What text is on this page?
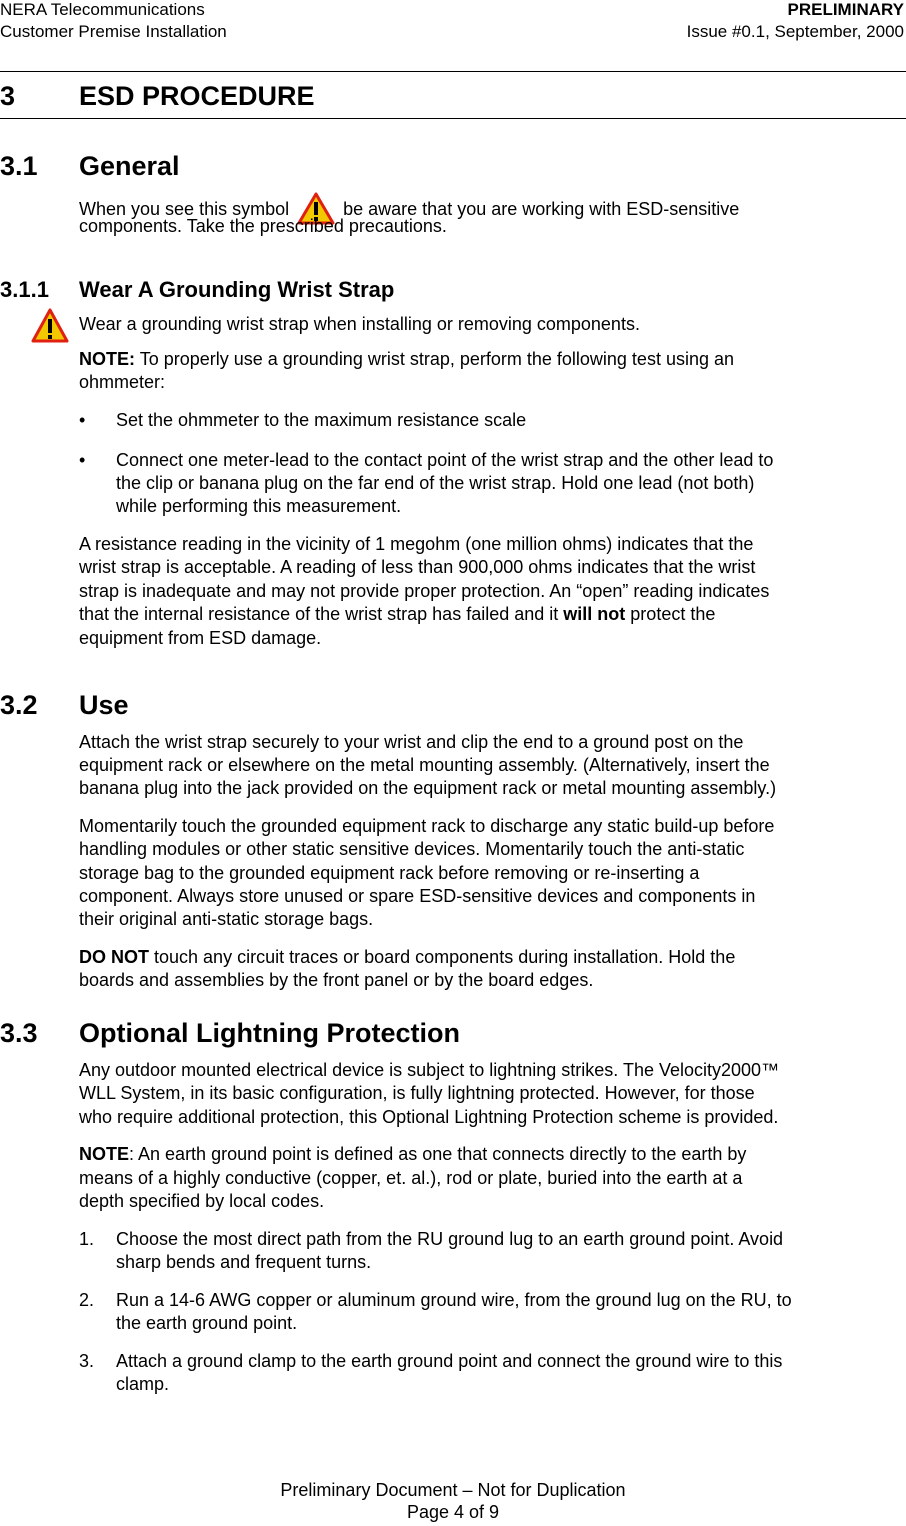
NERA Telecommunications
Customer Premise Installation
PRELIMINARY
Issue #0.1, September, 2000
3 ESD PROCEDURE
3.1 General
When you see this symbol	be aware that you are working with ESD-sensitive
components. Take the prescribed precautions.
3.1.1 Wear A Grounding Wrist Strap
Wear a grounding wrist strap when installing or removing components.
NOTE: To properly use a grounding wrist strap, perform the following test using an
ohmmeter:
• Set the ohmmeter to the maximum resistance scale
• Connect one meter-lead to the contact point of the wrist strap and the other lead to
the clip or banana plug on the far end of the wrist strap. Hold one lead (not both)
while performing this measurement.
A resistance reading in the vicinity of 1 megohm (one million ohms) indicates that the
wrist strap is acceptable. A reading of less than 900,000 ohms indicates that the wrist
strap is inadequate and may not provide proper protection. An “open” reading indicates
that the internal resistance of the wrist strap has failed and it will not protect the
equipment from ESD damage.
3.2 Use
Attach the wrist strap securely to your wrist and clip the end to a ground post on the
equipment rack or elsewhere on the metal mounting assembly. (Alternatively, insert the
banana plug into the jack provided on the equipment rack or metal mounting assembly.)
Momentarily touch the grounded equipment rack to discharge any static build-up before
handling modules or other static sensitive devices. Momentarily touch the anti-static
storage bag to the grounded equipment rack before removing or re-inserting a
component. Always store unused or spare ESD-sensitive devices and components in
their original anti-static storage bags.
DO NOT touch any circuit traces or board components during installation. Hold the
boards and assemblies by the front panel or by the board edges.
3.3 Optional Lightning Protection
Any outdoor mounted electrical device is subject to lightning strikes. The Velocity2000™
WLL System, in its basic configuration, is fully lightning protected. However, for those
who require additional protection, this Optional Lightning Protection scheme is provided.
NOTE: An earth ground point is defined as one that connects directly to the earth by
means of a highly conductive (copper, et. al.), rod or plate, buried into the earth at a
depth specified by local codes.
1. Choose the most direct path from the RU ground lug to an earth ground point. Avoid
sharp bends and frequent turns.
2. Run a 14-6 AWG copper or aluminum ground wire, from the ground lug on the RU, to
the earth ground point.
3. Attach a ground clamp to the earth ground point and connect the ground wire to this
clamp.
Preliminary Document – Not for Duplication
Page 4 of 9
